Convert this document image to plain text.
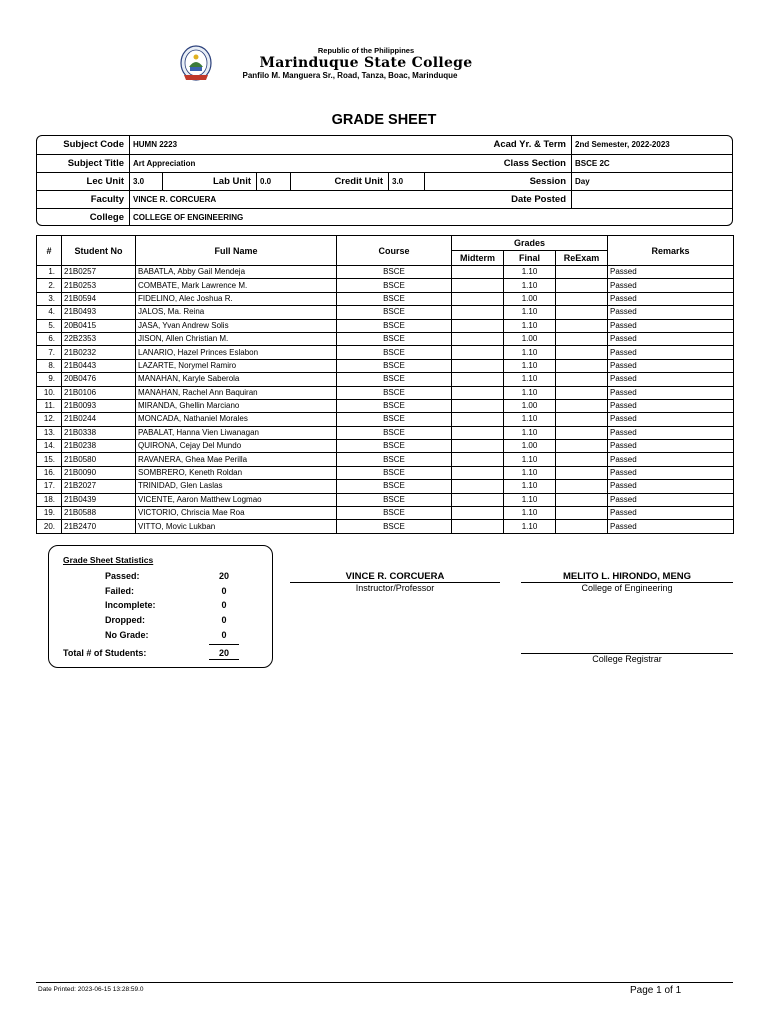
Republic of the Philippines
Marinduque State College
Panfilo M. Manguera Sr., Road, Tanza, Boac, Marinduque
GRADE SHEET
Subject Code	HUMN 2223	Acad Yr. & Term	2nd Semester, 2022-2023
Subject Title	Art Appreciation	Class Section	BSCE 2C
Lec Unit	3.0	Lab Unit	0.0	Credit Unit	3.0	Session	Day
Faculty	VINCE R. CORCUERA	Date Posted
College	COLLEGE OF ENGINEERING
#	Student No	Full Name	Course	Grades			Remarks
				Midterm	Final	ReExam	
1.	21B0257	BABATLA, Abby Gail Mendeja	BSCE		1.10		Passed
2.	21B0253	COMBATE, Mark Lawrence M.	BSCE		1.10		Passed
3.	21B0594	FIDELINO, Alec Joshua R.	BSCE		1.00		Passed
4.	21B0493	JALOS, Ma. Reina	BSCE		1.10		Passed
5.	20B0415	JASA, Yvan Andrew Solis	BSCE		1.10		Passed
6.	22B2353	JISON, Allen Christian M.	BSCE		1.00		Passed
7.	21B0232	LANARIO, Hazel Princes Eslabon	BSCE		1.10		Passed
8.	21B0443	LAZARTE, Norymel Ramiro	BSCE		1.10		Passed
9.	20B0476	MANAHAN, Karyle Saberola	BSCE		1.10		Passed
10.	21B0106	MANAHAN, Rachel Ann Baquiran	BSCE		1.10		Passed
11.	21B0093	MIRANDA, Ghellin Marciano	BSCE		1.00		Passed
12.	21B0244	MONCADA, Nathaniel Morales	BSCE		1.10		Passed
13.	21B0338	PABALAT, Hanna Vien Liwanagan	BSCE		1.10		Passed
14.	21B0238	QUIRONA, Cejay Del Mundo	BSCE		1.00		Passed
15.	21B0580	RAVANERA, Ghea Mae Perilla	BSCE		1.10		Passed
16.	21B0090	SOMBRERO, Keneth Roldan	BSCE		1.10		Passed
17.	21B2027	TRINIDAD, Glen Laslas	BSCE		1.10		Passed
18.	21B0439	VICENTE, Aaron Matthew Logmao	BSCE		1.10		Passed
19.	21B0588	VICTORIO, Chriscia Mae Roa	BSCE		1.10		Passed
20.	21B2470	VITTO, Movic Lukban	BSCE		1.10		Passed
Grade Sheet Statistics
Passed:	20
Failed:	0
Incomplete:	0
Dropped:	0
No Grade:	0
Total # of Students:	20
VINCE R. CORCUERA
Instructor/Professor
MELITO L. HIRONDO, MENG
College of Engineering
College Registrar
Date Printed: 2023-06-15 13:28:59.0	Page 1 of 1
